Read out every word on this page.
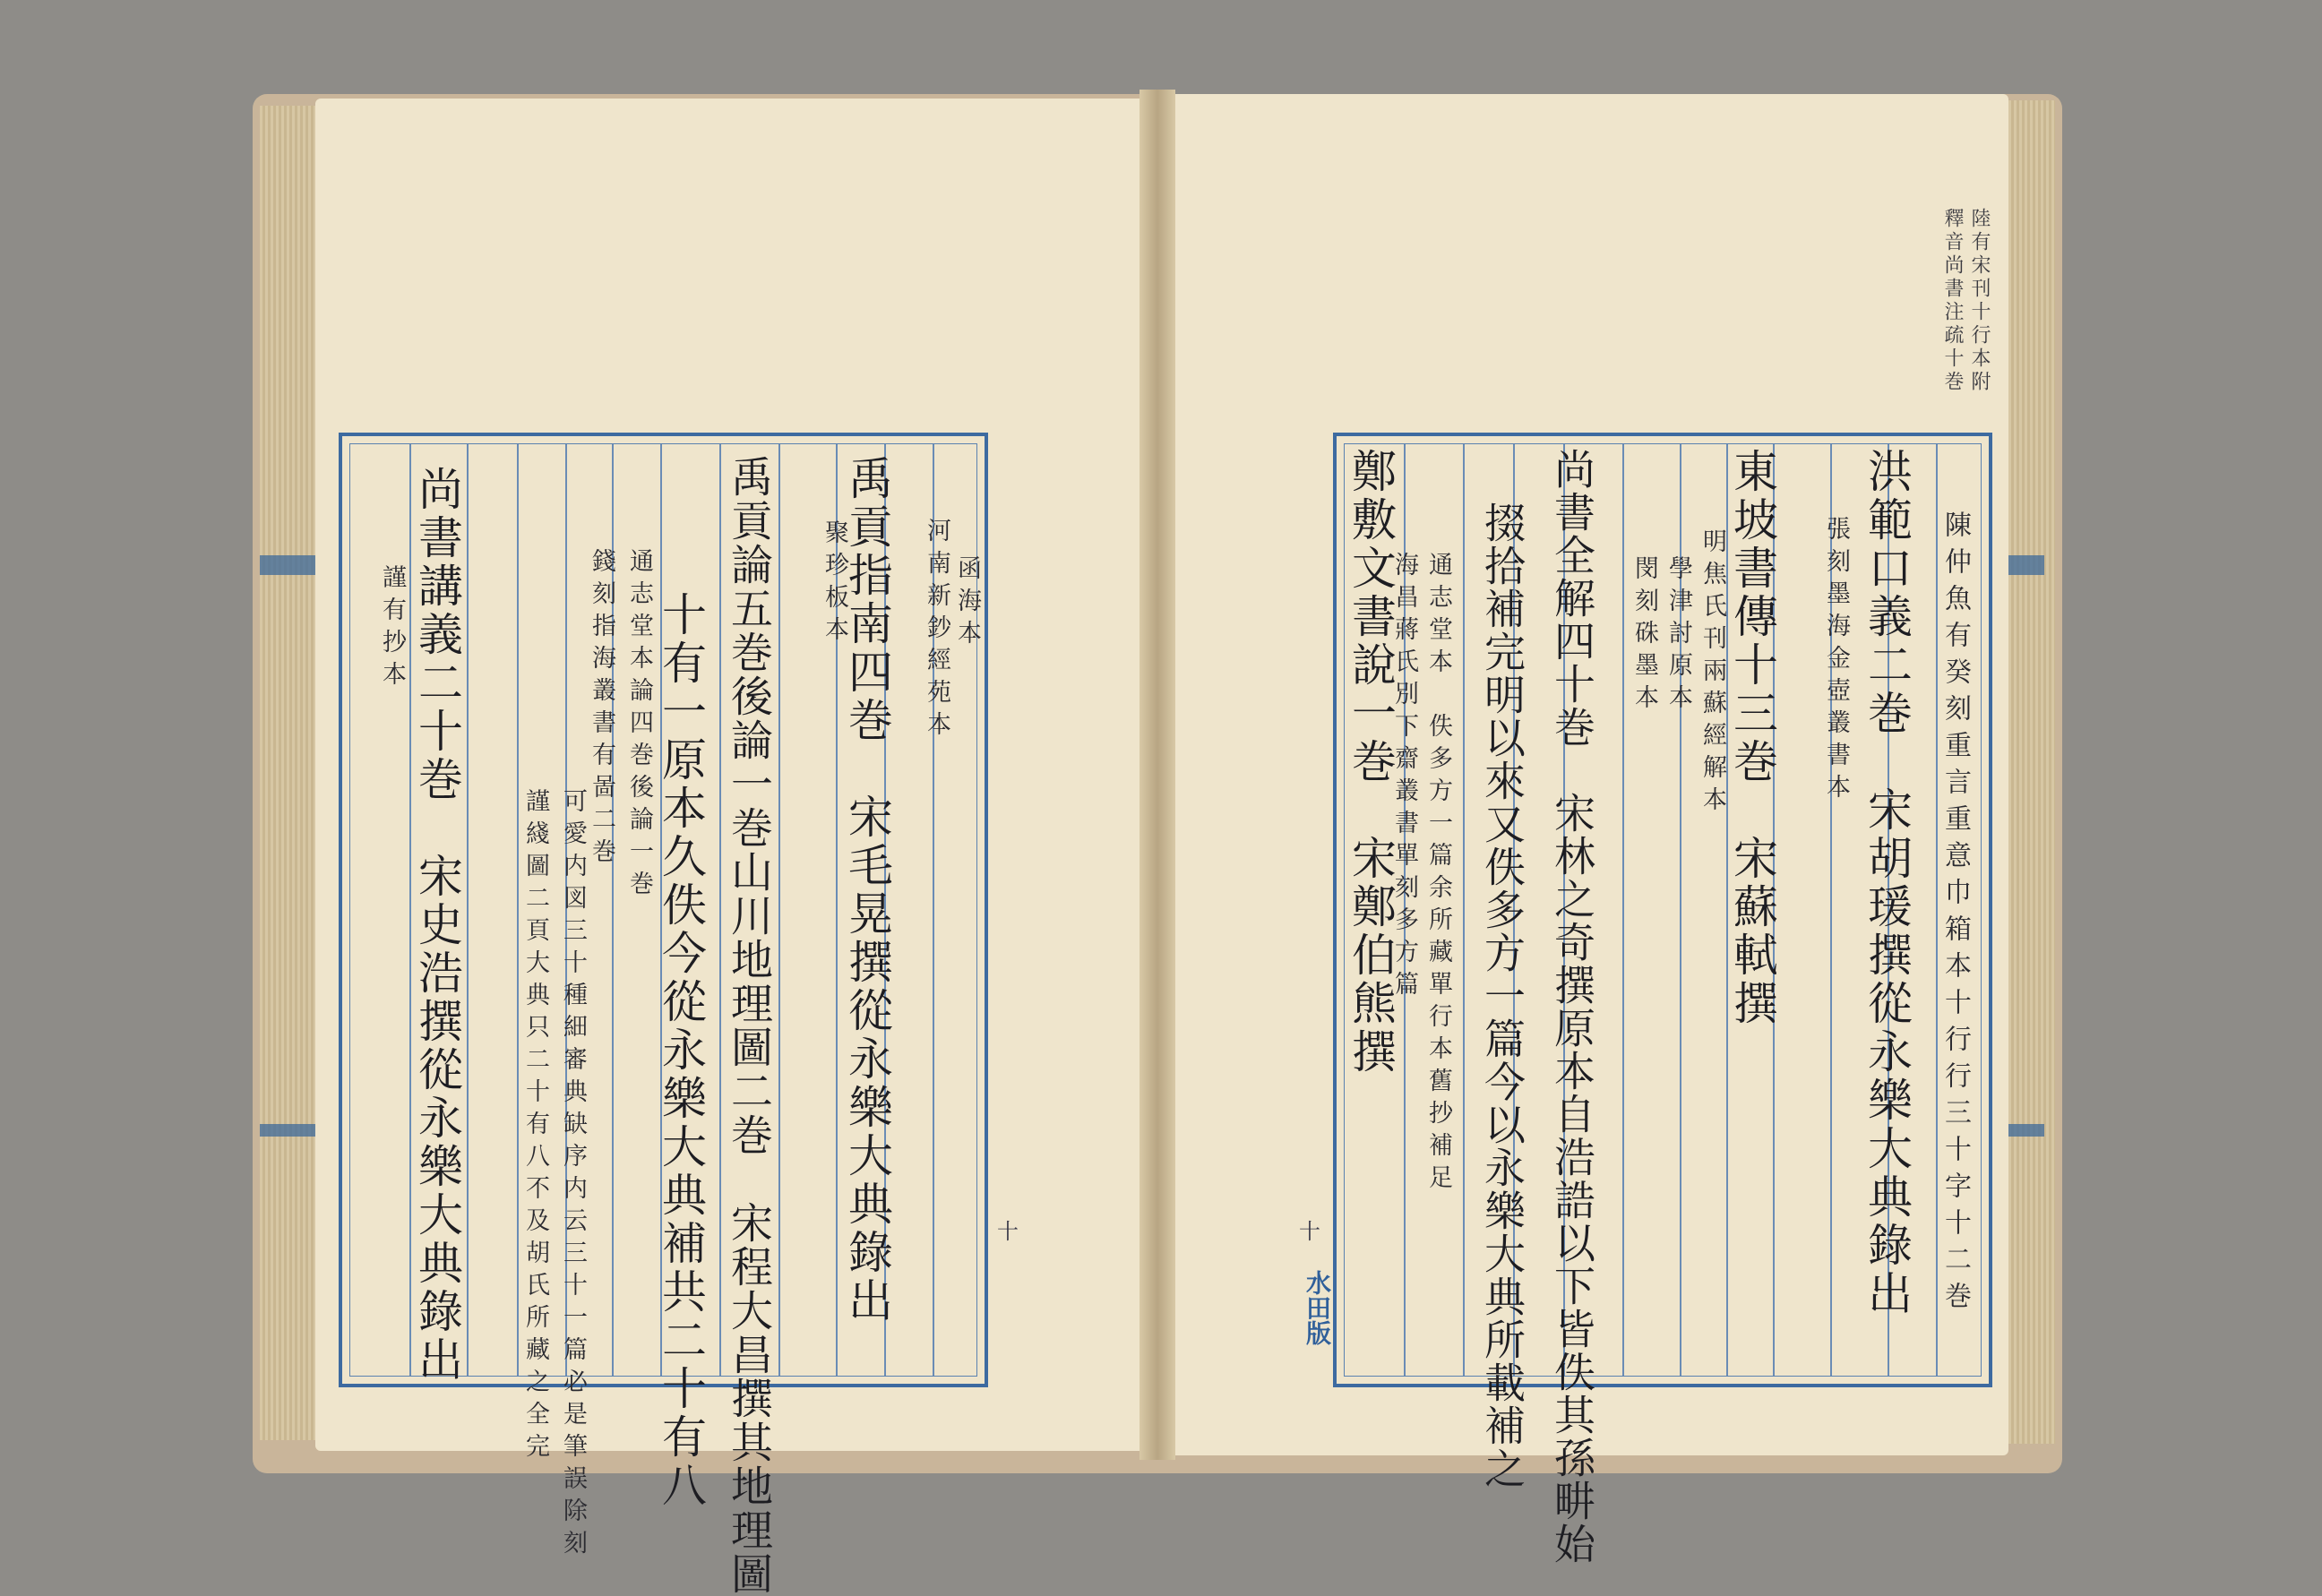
尚書講義二十巻　宋史浩撰從永樂大典錄出
謹有抄本
謹綫圖二頁大典只二十有八不及胡氏所藏之全完 可愛内図三十種細審典缺序内云三十一篇必是筆誤除刻
通志堂本論四巻後論一巻
錢刻指海叢書有啚二巻 十有一原本久佚今從永樂大典補共二十有八 禹貢論五巻後論一巻山川地理圖二巻　宋程大昌撰其地理圖 聚珍板本
禹貢指南四巻　宋毛晃撰從永樂大典錄出 河南新鈔經苑本 函海本
十
陸有宋刊十行本附
釋音尚書注疏十巻
陳仲魚有癸刻重言重意巾箱本十行行三十字十二巻
洪範口義二巻　宋胡瑗撰從永樂大典錄出
張刻墨海金壺叢書本
東坡書傳十三巻　宋蘇軾撰
學津討原本 明焦氏刊兩蘇經解本
閔刻硃墨本
尚書全解四十巻　宋林之奇撰原本自浩誥以下皆佚其孫畊始
掇拾補完明以來又佚多方一篇今以永樂大典所載補之
通志堂本　佚多方一篇余所藏單行本舊抄補足
海昌蔣氏別下齋叢書單刻多方篇
鄭敷文書說一巻　宋鄭伯熊撰
十
水田版
